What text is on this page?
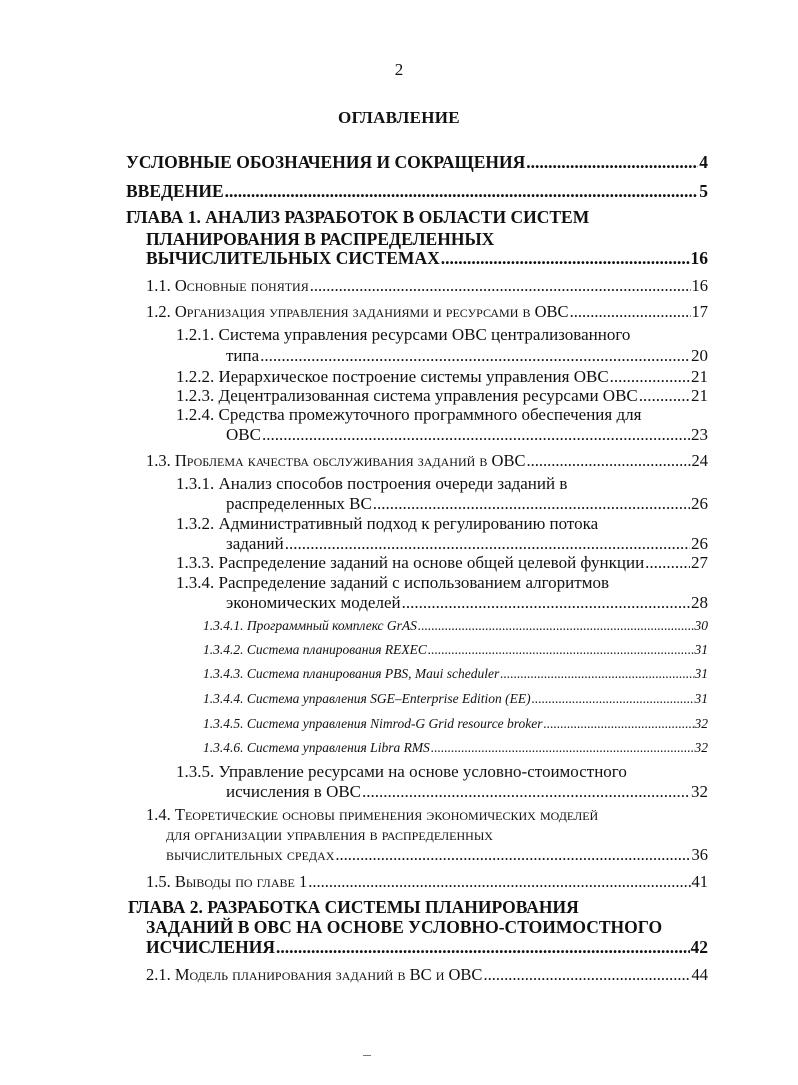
2
ОГЛАВЛЕНИЕ
УСЛОВНЫЕ ОБОЗНАЧЕНИЯ И СОКРАЩЕНИЯ .....	4
ВВЕДЕНИЕ .....	5
ГЛАВА 1. АНАЛИЗ РАЗРАБОТОК В ОБЛАСТИ СИСТЕМ
ПЛАНИРОВАНИЯ В РАСПРЕДЕЛЕННЫХ
ВЫЧИСЛИТЕЛЬНЫХ СИСТЕМАХ .....	16
1.1. Основные понятия .....	16
1.2. Организация управления заданиями и ресурсами в ОВС .....	17
1.2.1. Система управления ресурсами ОВС централизованного
типа .....	20
1.2.2. Иерархическое построение системы управления ОВС .....	21
1.2.3. Децентрализованная система управления ресурсами ОВС .....	21
1.2.4. Средства промежуточного программного обеспечения для
ОВС .....	23
1.3. Проблема качества обслуживания заданий в ОВС .....	24
1.3.1. Анализ способов построения очереди заданий в
распределенных ВС .....	26
1.3.2. Административный подход к регулированию потока
заданий .....	26
1.3.3. Распределение заданий на основе общей целевой функции .....	27
1.3.4. Распределение заданий с использованием алгоритмов
экономических моделей .....	28
1.3.4.1. Программный комплекс GrAS .....	30
1.3.4.2. Система планирования REXEC .....	31
1.3.4.3. Система планирования PBS, Maui scheduler .....	31
1.3.4.4. Система управления SGE–Enterprise Edition (EE) .....	31
1.3.4.5. Система управления Nimrod-G Grid resource broker .....	32
1.3.4.6. Система управления Libra RMS .....	32
1.3.5. Управление ресурсами на основе условно-стоимостного
исчисления в ОВС .....	32
1.4. Теоретические основы применения экономических моделей
для организации управления в распределенных
вычислительных средах .....	36
1.5. Выводы по главе 1 .....	41
ГЛАВА 2. РАЗРАБОТКА СИСТЕМЫ ПЛАНИРОВАНИЯ
ЗАДАНИЙ В ОВС НА ОСНОВЕ УСЛОВНО-СТОИМОСТНОГО
ИСЧИСЛЕНИЯ .....	42
2.1. Модель планирования заданий в ВС и ОВС .....	44
